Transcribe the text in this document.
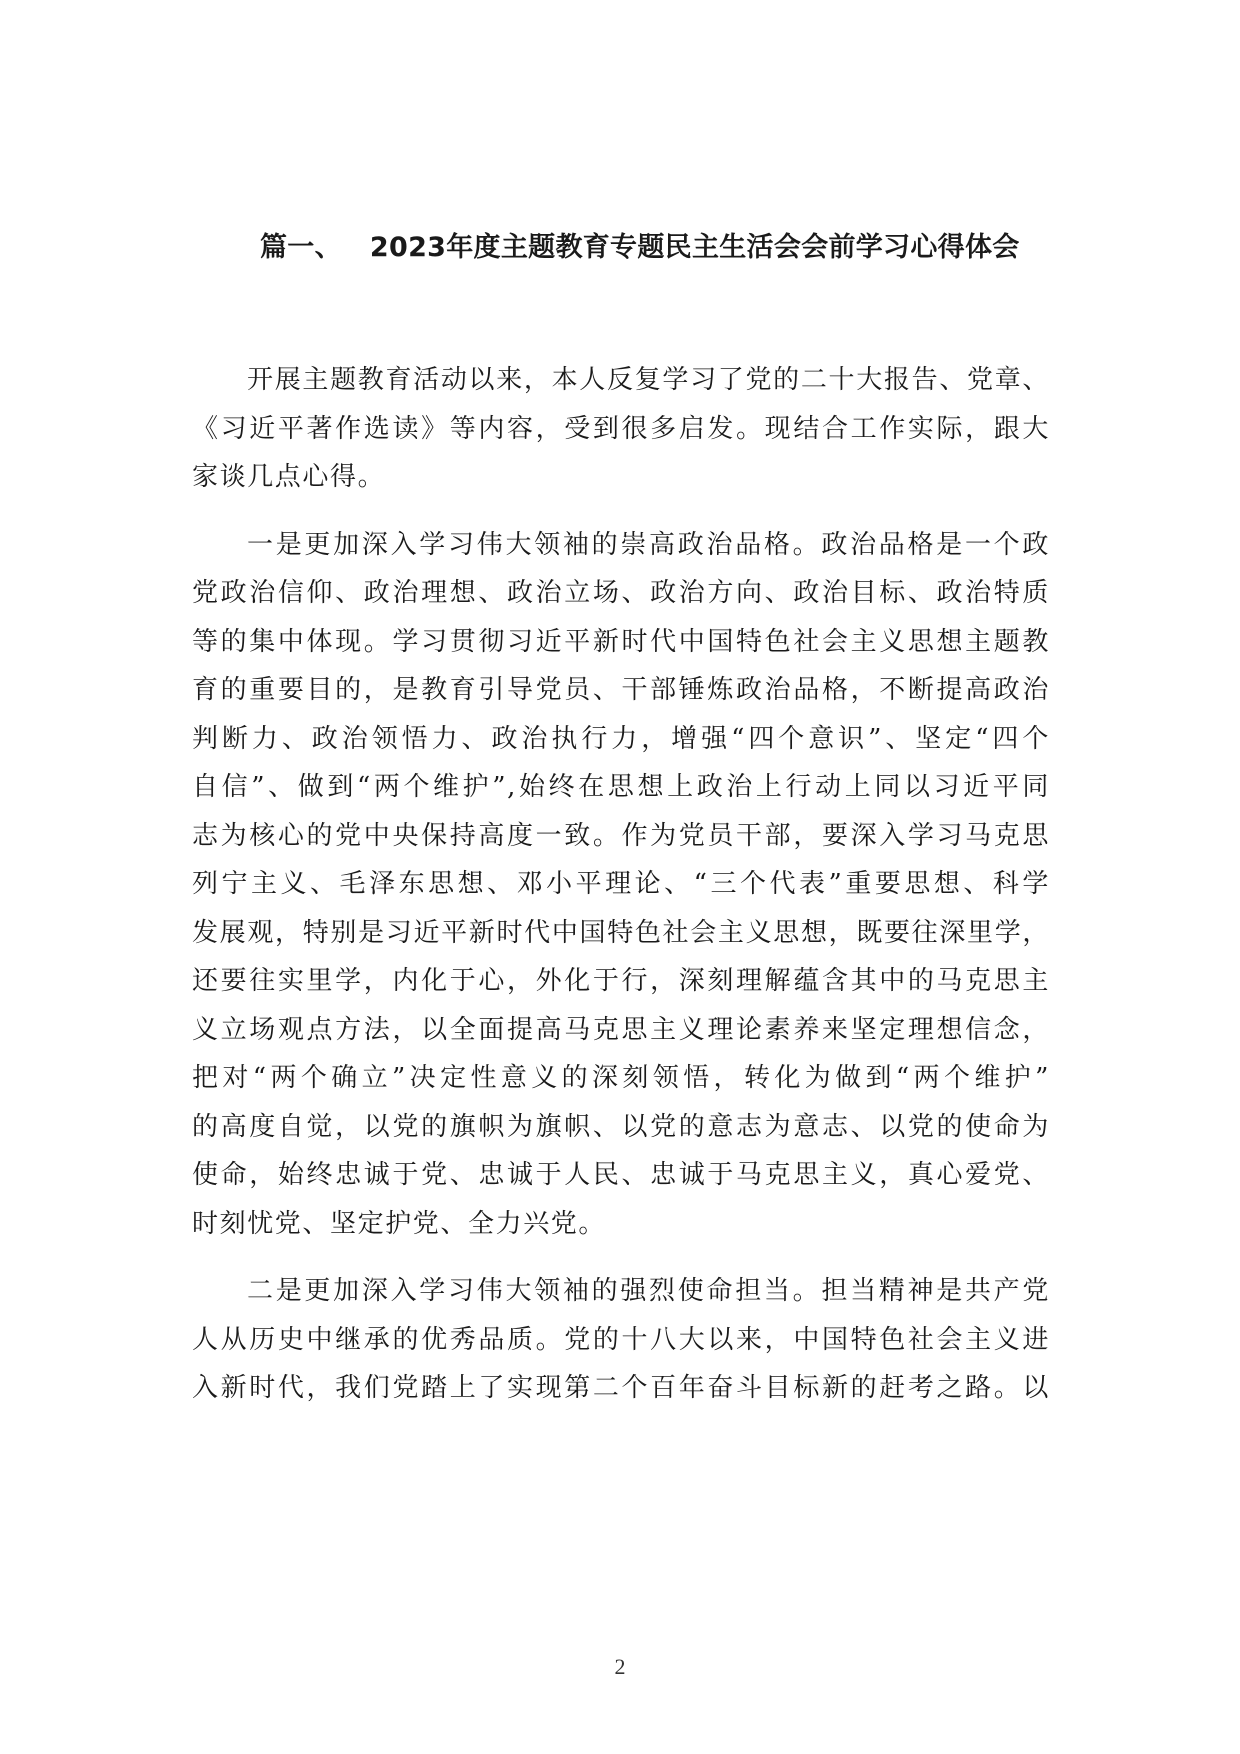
篇一、 2023年度主题教育专题民主生活会会前学习心得体会

开展主题教育活动以来，本人反复学习了党的二十大报告、党章、
《习近平著作选读》等内容，受到很多启发。现结合工作实际，跟大
家谈几点心得。

一是更加深入学习伟大领袖的崇高政治品格。政治品格是一个政
党政治信仰、政治理想、政治立场、政治方向、政治目标、政治特质
等的集中体现。学习贯彻习近平新时代中国特色社会主义思想主题教
育的重要目的，是教育引导党员、干部锤炼政治品格，不断提高政治
判断力、政治领悟力、政治执行力，增强“四个意识”、坚定“四个
自信”、做到“两个维护”,始终在思想上政治上行动上同以习近平同
志为核心的党中央保持高度一致。作为党员干部，要深入学习马克思
列宁主义、毛泽东思想、邓小平理论、“三个代表”重要思想、科学
发展观，特别是习近平新时代中国特色社会主义思想，既要往深里学，
还要往实里学，内化于心，外化于行，深刻理解蕴含其中的马克思主
义立场观点方法，以全面提高马克思主义理论素养来坚定理想信念，
把对“两个确立”决定性意义的深刻领悟，转化为做到“两个维护”
的高度自觉，以党的旗帜为旗帜、以党的意志为意志、以党的使命为
使命，始终忠诚于党、忠诚于人民、忠诚于马克思主义，真心爱党、
时刻忧党、坚定护党、全力兴党。

二是更加深入学习伟大领袖的强烈使命担当。担当精神是共产党
人从历史中继承的优秀品质。党的十八大以来，中国特色社会主义进
入新时代，我们党踏上了实现第二个百年奋斗目标新的赶考之路。以

2
